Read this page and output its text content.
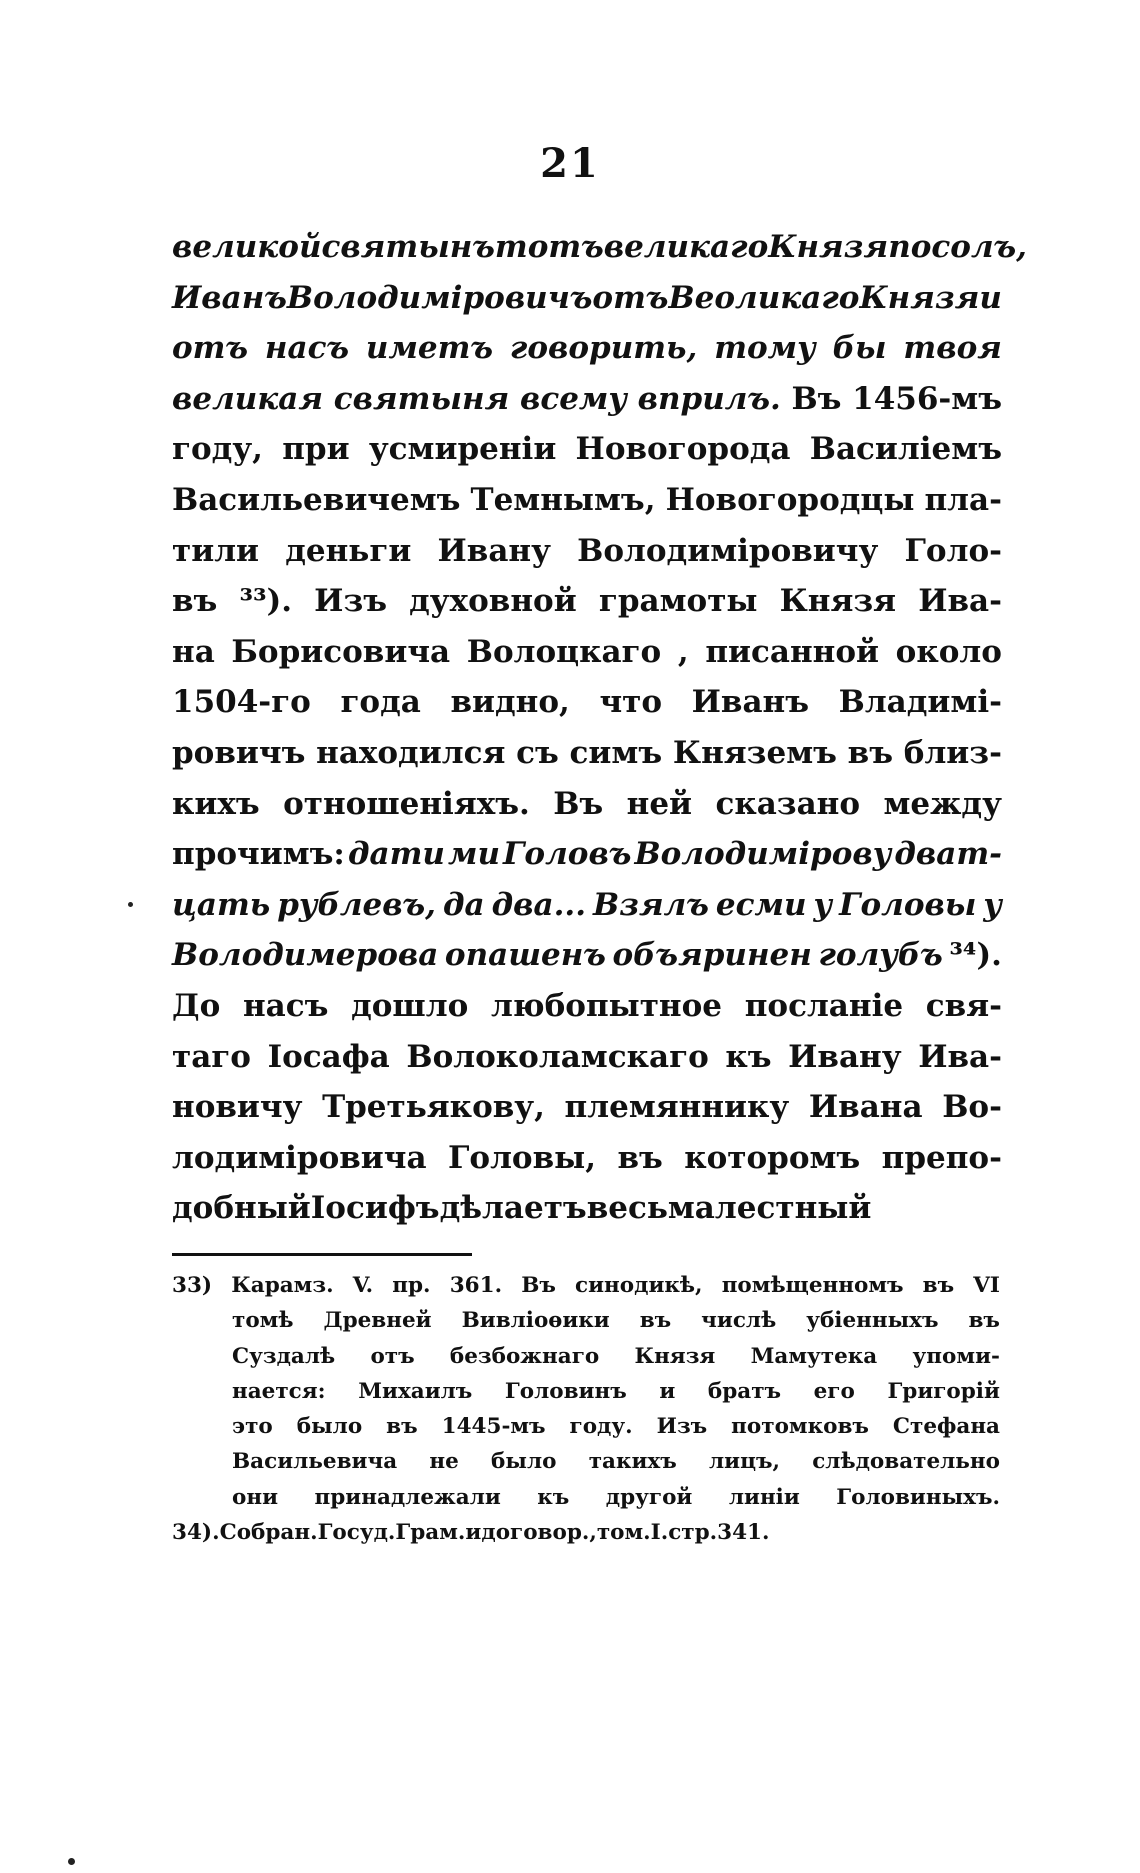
21
великой святынъ тотъ великаго Князя посолъ,
Иванъ Володимiровичъ отъ Веоликаго Князя и
отъ насъ иметъ говорить, тому бы твоя
великая святыня всему вприлъ. Въ 1456-мъ
году, при усмиренiи Новогорода Василiемъ
Васильевичемъ Темнымъ, Новогородцы пла-
тили деньги Ивану Володимiровичу Голо-
въ ³³). Изъ духовной грамоты Князя Ива-
на Борисовича Волоцкаго , писанной около
1504-го года видно, что Иванъ Владимi-
ровичъ находился съ симъ Княземъ въ близ-
кихъ отношенiяхъ. Въ ней сказано между
прочимъ: дати ми Головъ Володимiрову дват-
цать рублевъ, да два... Взялъ есми у Головы у
Володимерова опашенъ объяринен голубъ ³⁴).
До насъ дошло любопытное посланiе свя-
таго Iосафа Волоколамскаго къ Ивану Ива-
новичу Третьякову, племяннику Ивана Во-
лодимiровича Головы, въ которомъ препо-
добный Iосифъ дѣлаетъ весьма лестный
33) Карамз. V. пр. 361. Въ синодикѣ, помѣщенномъ въ VI
томѣ Древней Вивлiоѳики въ числѣ убiенныхъ въ
Суздалѣ отъ безбожнаго Князя Мамутека упоми-
нается: Михаилъ Головинъ и братъ его Григорiй
это было въ 1445-мъ году. Изъ потомковъ Стефана
Васильевича не было такихъ лицъ, слѣдовательно
они принадлежали къ другой линiи Головиныхъ.
34). Собран. Госуд. Грам. и договор., том. I. стр. 341.
